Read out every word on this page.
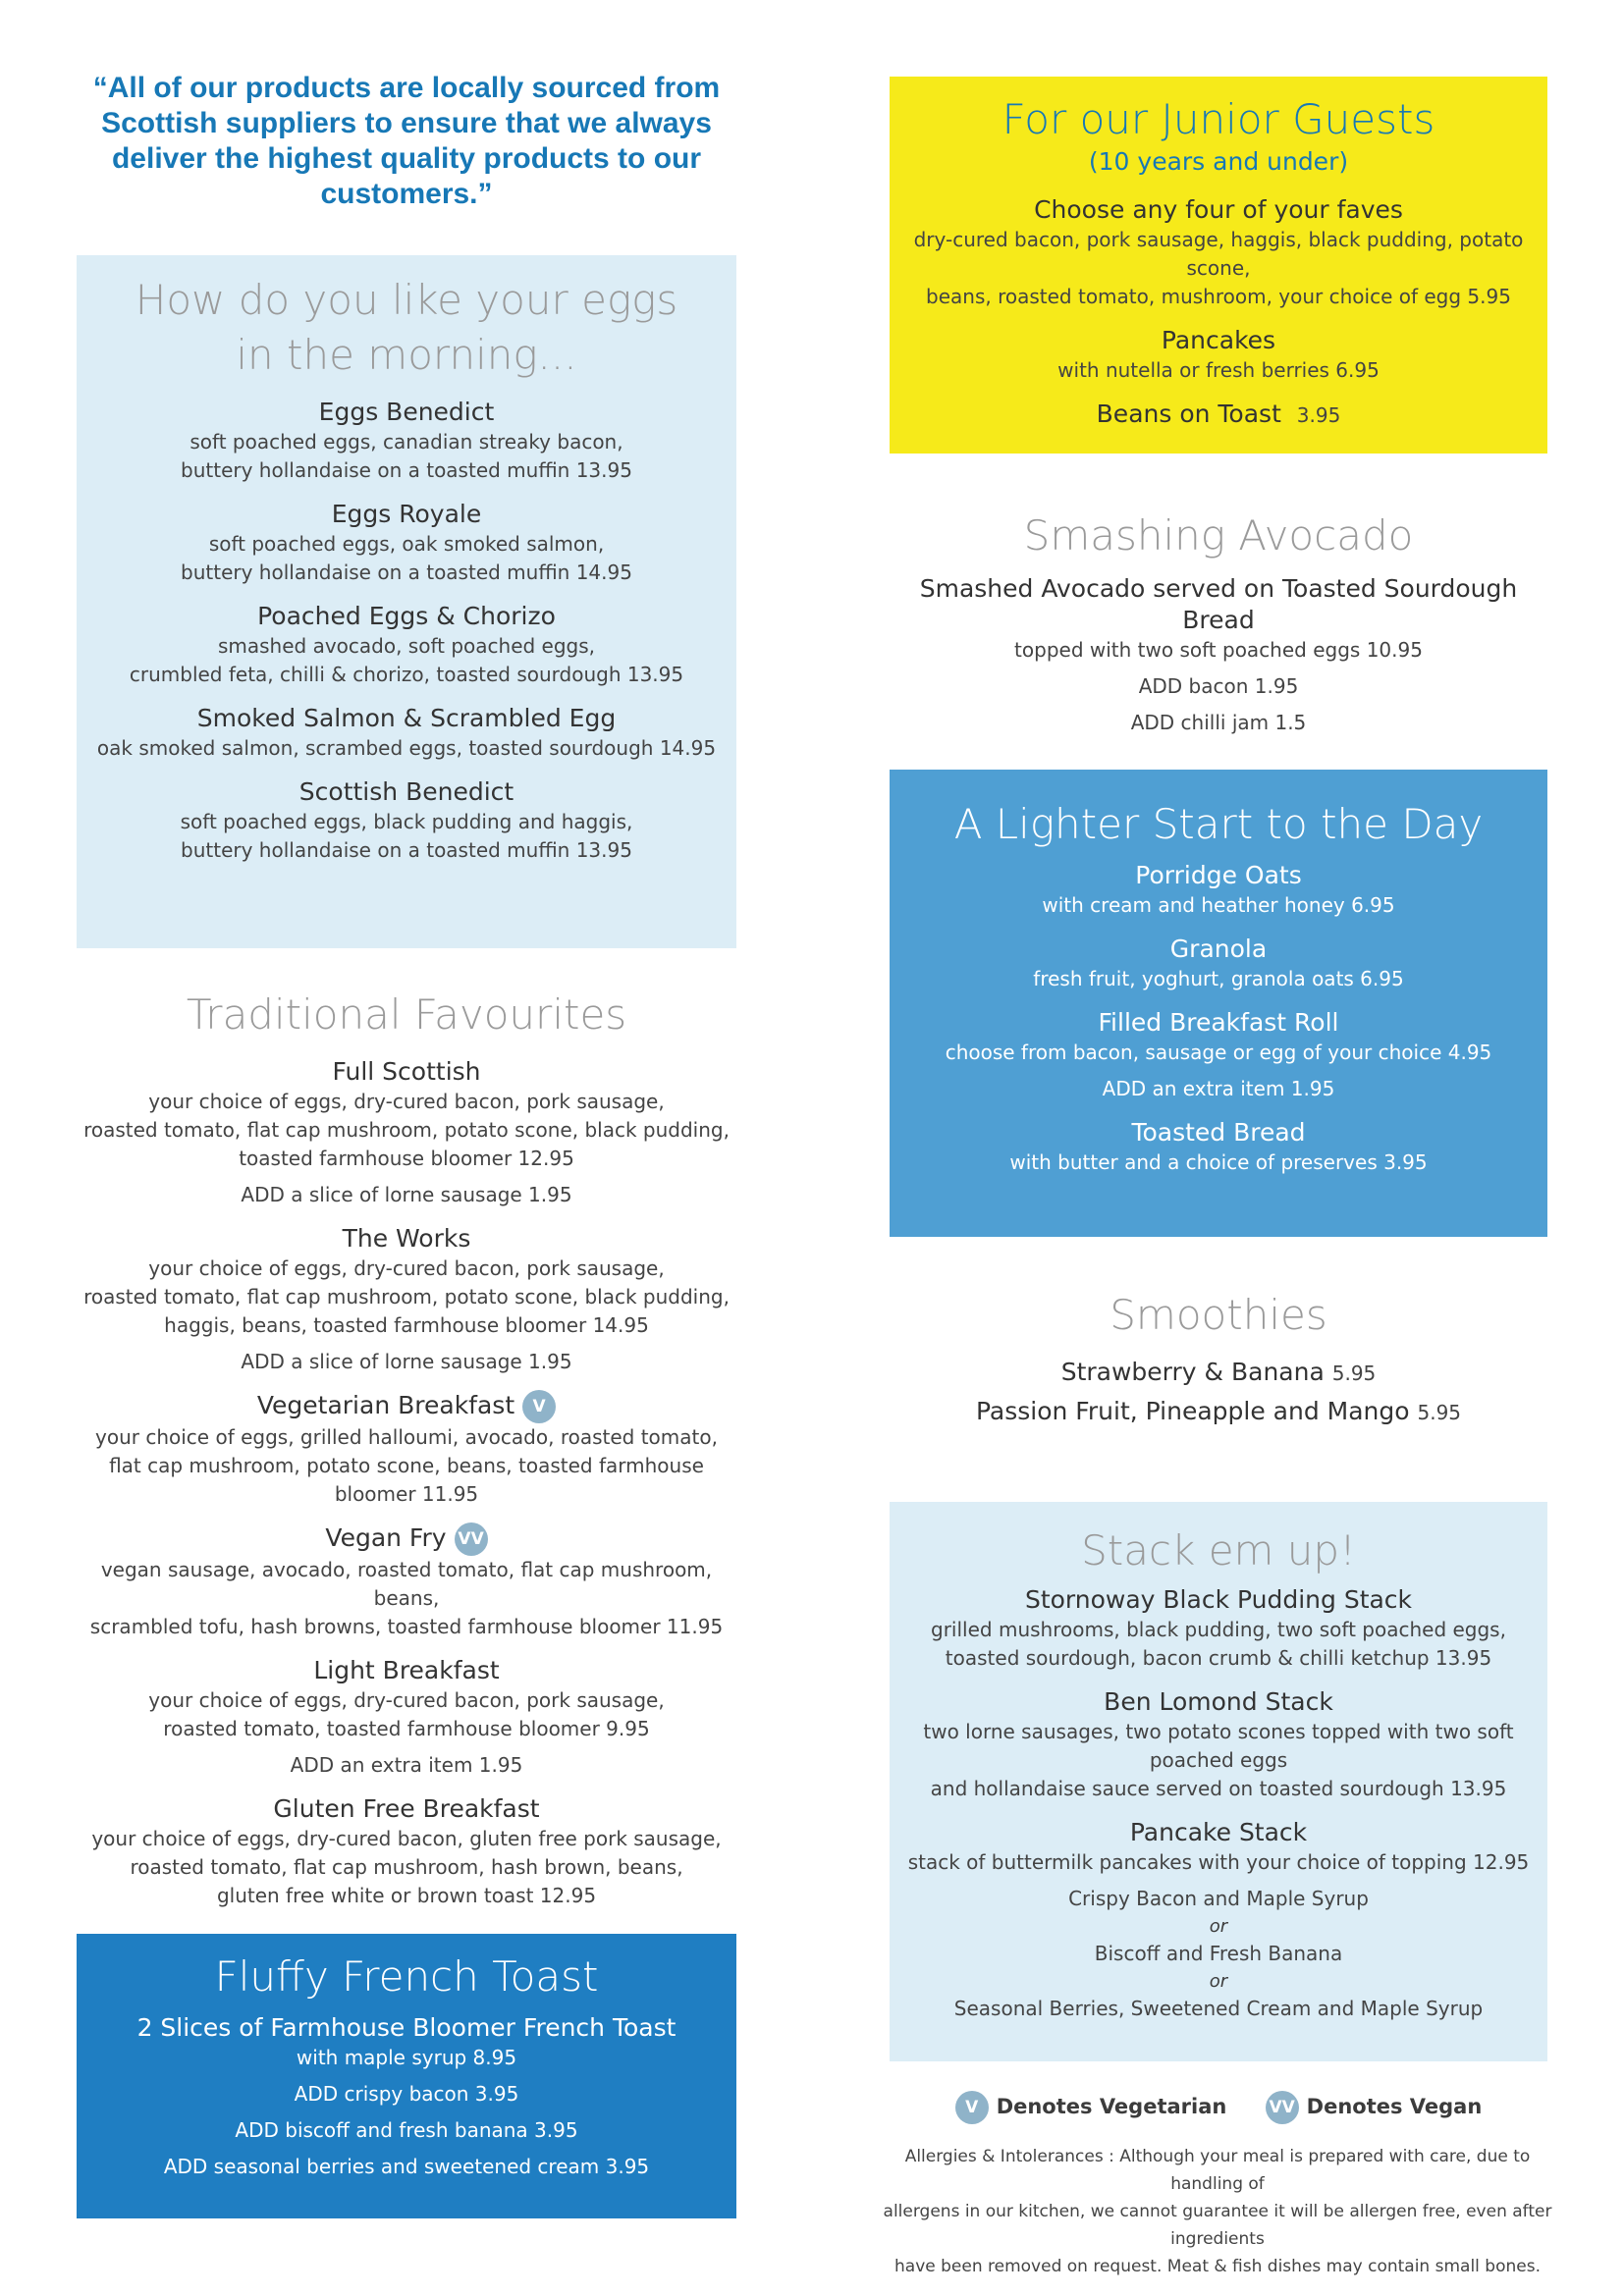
“All of our products are locally sourced from Scottish suppliers to ensure that we always deliver the highest quality products to our customers.”
How do you like your eggs
in the morning...
Eggs Benedict
soft poached eggs, canadian streaky bacon,
buttery hollandaise on a toasted muffin 13.95
Eggs Royale
soft poached eggs, oak smoked salmon,
buttery hollandaise on a toasted muffin 14.95
Poached Eggs & Chorizo
smashed avocado, soft poached eggs,
crumbled feta, chilli & chorizo, toasted sourdough 13.95
Smoked Salmon & Scrambled Egg
oak smoked salmon, scrambed eggs, toasted sourdough 14.95
Scottish Benedict
soft poached eggs, black pudding and haggis,
buttery hollandaise on a toasted muffin 13.95
Traditional Favourites
Full Scottish
your choice of eggs, dry-cured bacon, pork sausage,
roasted tomato, flat cap mushroom, potato scone, black pudding,
toasted farmhouse bloomer 12.95
ADD a slice of lorne sausage 1.95
The Works
your choice of eggs, dry-cured bacon, pork sausage,
roasted tomato, flat cap mushroom, potato scone, black pudding,
haggis, beans, toasted farmhouse bloomer 14.95
ADD a slice of lorne sausage 1.95
Vegetarian Breakfast V
your choice of eggs, grilled halloumi, avocado, roasted tomato,
flat cap mushroom, potato scone, beans, toasted farmhouse bloomer 11.95
Vegan Fry VV
vegan sausage, avocado, roasted tomato, flat cap mushroom, beans,
scrambled tofu, hash browns, toasted farmhouse bloomer 11.95
Light Breakfast
your choice of eggs, dry-cured bacon, pork sausage,
roasted tomato, toasted farmhouse bloomer 9.95
ADD an extra item 1.95
Gluten Free Breakfast
your choice of eggs, dry-cured bacon, gluten free pork sausage,
roasted tomato, flat cap mushroom, hash brown, beans,
gluten free white or brown toast 12.95
Fluffy French Toast
2 Slices of Farmhouse Bloomer French Toast
with maple syrup 8.95
ADD crispy bacon 3.95
ADD biscoff and fresh banana 3.95
ADD seasonal berries and sweetened cream 3.95
For our Junior Guests
(10 years and under)
Choose any four of your faves
dry-cured bacon, pork sausage, haggis, black pudding, potato scone,
beans, roasted tomato, mushroom, your choice of egg 5.95
Pancakes
with nutella or fresh berries 6.95
Beans on Toast 3.95
Smashing Avocado
Smashed Avocado served on Toasted Sourdough Bread
topped with two soft poached eggs 10.95
ADD bacon 1.95
ADD chilli jam 1.5
A Lighter Start to the Day
Porridge Oats
with cream and heather honey 6.95
Granola
fresh fruit, yoghurt, granola oats 6.95
Filled Breakfast Roll
choose from bacon, sausage or egg of your choice 4.95
ADD an extra item 1.95
Toasted Bread
with butter and a choice of preserves 3.95
Smoothies
Strawberry & Banana 5.95
Passion Fruit, Pineapple and Mango 5.95
Stack em up!
Stornoway Black Pudding Stack
grilled mushrooms, black pudding, two soft poached eggs,
toasted sourdough, bacon crumb & chilli ketchup 13.95
Ben Lomond Stack
two lorne sausages, two potato scones topped with two soft poached eggs
and hollandaise sauce served on toasted sourdough 13.95
Pancake Stack
stack of buttermilk pancakes with your choice of topping 12.95
Crispy Bacon and Maple Syrup
or
Biscoff and Fresh Banana
or
Seasonal Berries, Sweetened Cream and Maple Syrup
V Denotes Vegetarian	VV Denotes Vegan
Allergies & Intolerances : Although your meal is prepared with care, due to handling of
allergens in our kitchen, we cannot guarantee it will be allergen free, even after ingredients
have been removed on request. Meat & fish dishes may contain small bones.
